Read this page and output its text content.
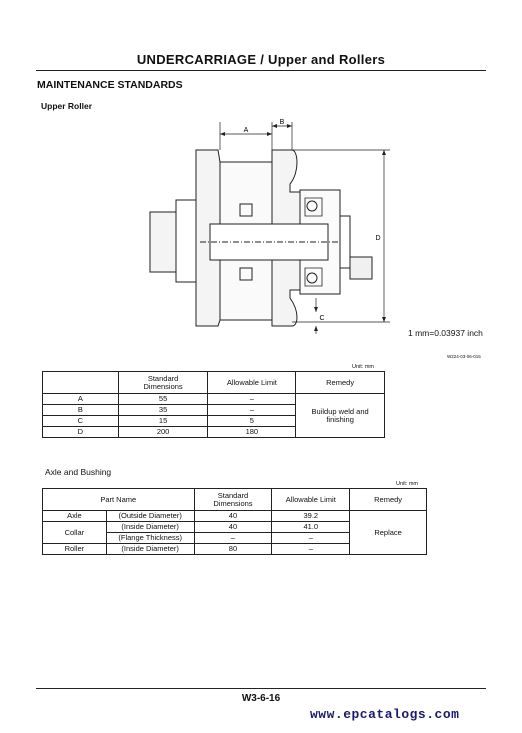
UNDERCARRIAGE / Upper and Rollers
MAINTENANCE STANDARDS
Upper Roller
A
B
D
C
1 mm=0.03937 inch
W224-03-06-015
Unit: mm
	Standard
Dimensions	Allowable Limit	Remedy
A	55	–	Buildup weld and
finishing
B	35	–	
C	15	5	
D	200	180	
Axle and Bushing
Unit: mm
Part Name		Standard
Dimensions	Allowable Limit	Remedy
Axle	(Outside Diameter)	40	39.2	Replace
Collar	(Inside Diameter)	40	41.0	
	(Flange Thickness)	–	–	
Roller	(Inside Diameter)	80	–	
W3-6-16
www.epcatalogs.com
